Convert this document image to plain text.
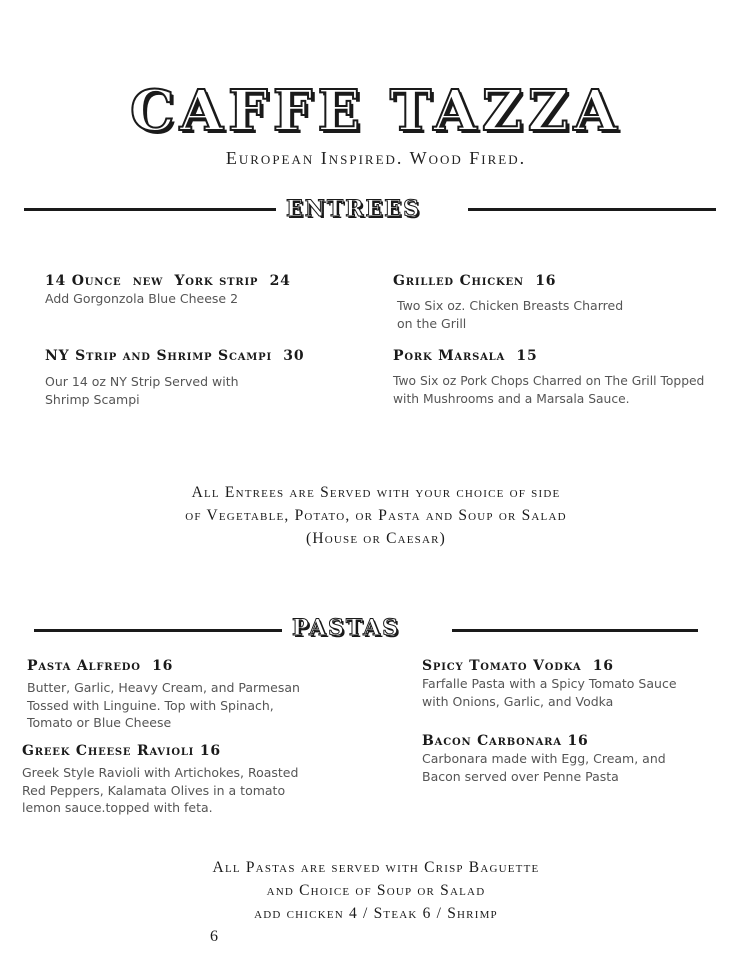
CAFFE TAZZA
European Inspired. Wood Fired.
ENTREES
14 Ounce  new  York strip  24
Add Gorgonzola Blue Cheese 2
Grilled Chicken  16
Two Six oz. Chicken Breasts Charred
on the Grill
NY Strip and Shrimp Scampi  30
Our 14 oz NY Strip Served with
Shrimp Scampi
Pork Marsala  15
Two Six oz Pork Chops Charred on The Grill Topped
with Mushrooms and a Marsala Sauce.
All Entrees are Served with your choice of side
of Vegetable, Potato, or Pasta and Soup or Salad
(House or Caesar)
PASTAS
Pasta Alfredo  16
Butter, Garlic, Heavy Cream, and Parmesan
Tossed with Linguine. Top with Spinach,
Tomato or Blue Cheese
Spicy Tomato Vodka  16
Farfalle Pasta with a Spicy Tomato Sauce
with Onions, Garlic, and Vodka
Greek Cheese Ravioli 16
Greek Style Ravioli with Artichokes, Roasted
Red Peppers, Kalamata Olives in a tomato
lemon sauce.topped with feta.
Bacon Carbonara 16
Carbonara made with Egg, Cream, and
Bacon served over Penne Pasta
All Pastas are served with Crisp Baguette
and Choice of Soup or Salad
add chicken 4 / Steak 6 / Shrimp
6
